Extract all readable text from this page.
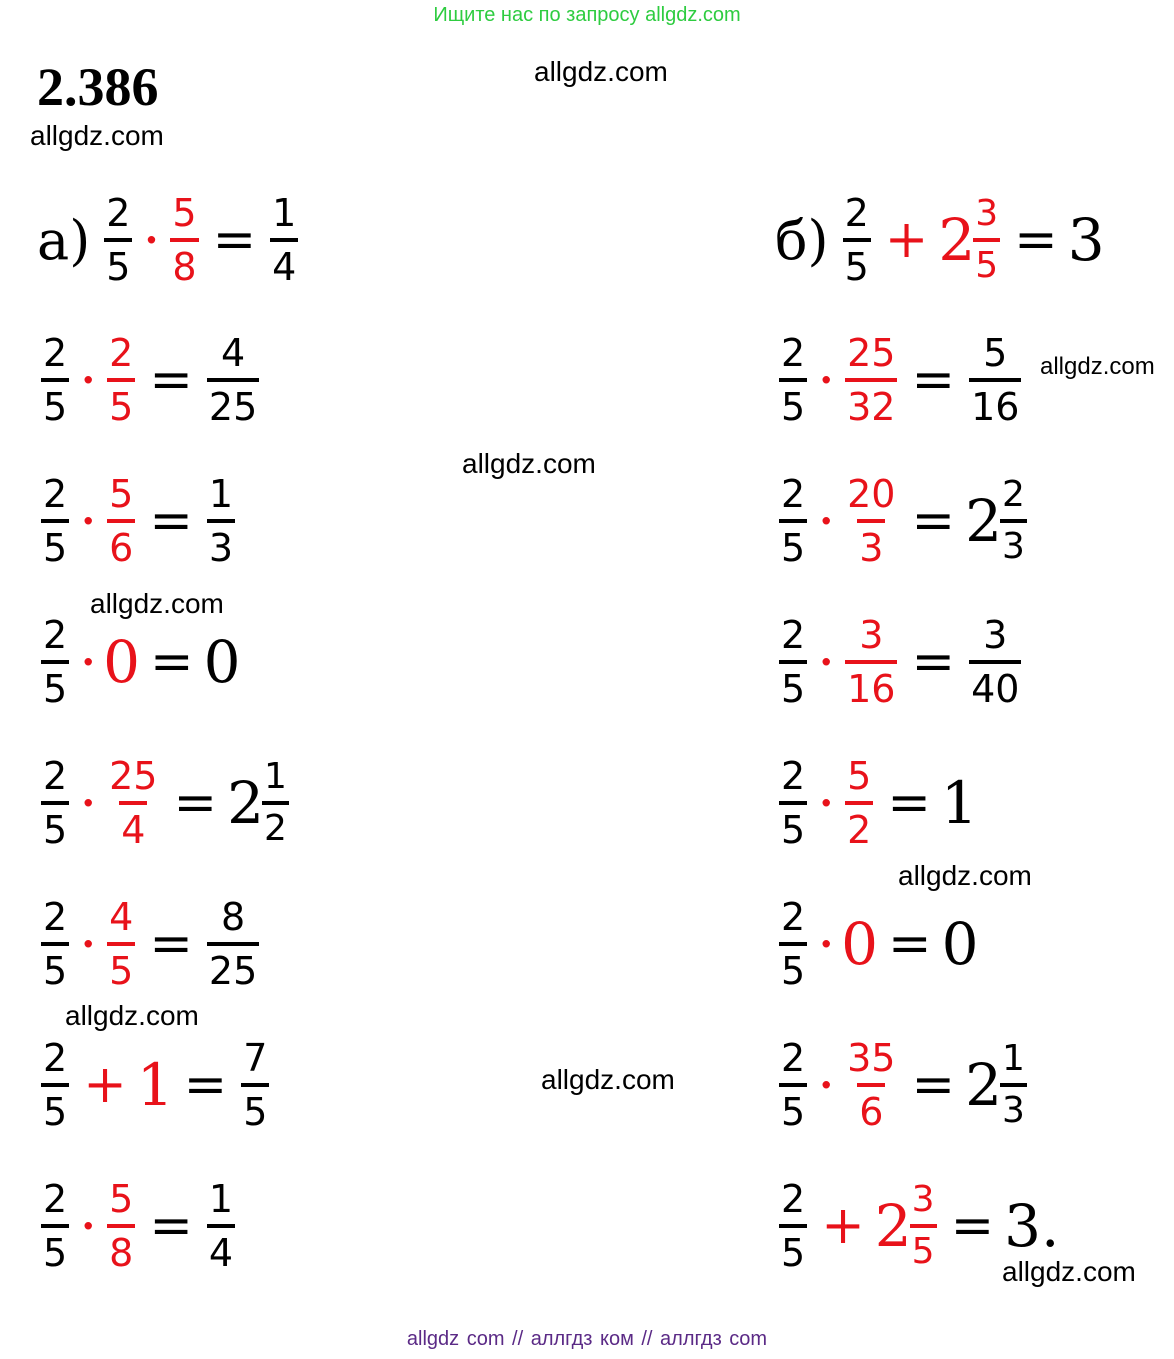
Ищите нас по запросу allgdz.com
2.386	allgdz.com
allgdz.com
allgdz.com
allgdz.com
allgdz.com
allgdz.com
allgdz.com
allgdz.com
allgdz.com
$а) \frac{2}{5} \cdot \frac{5}{8} = \frac{1}{4}$	$б) \frac{2}{5} + 2$
$\frac{3}{5} = 3$
$\frac{2}{5} \cdot \frac{2}{5} = \frac{4}{25}$
$\frac{2}{5} \cdot \frac{5}{6} = \frac{1}{3}$
$\frac{2}{5} \cdot 0 = 0$
$\frac{2}{5} \cdot \frac{25}{4} = 2$
$\frac{1}{2}$
$\frac{2}{5} \cdot \frac{4}{5} = \frac{8}{25}$
$\frac{2}{5} + 1 = \frac{7}{5}$
$\frac{2}{5} \cdot \frac{5}{8} = \frac{1}{4}$
$\frac{2}{5} \cdot \frac{25}{32} = \frac{5}{16}$
$\frac{2}{5} \cdot \frac{20}{3} = 2$
$\frac{2}{3}$
$\frac{2}{5} \cdot \frac{3}{16} = \frac{3}{40}$
$\frac{2}{5} \cdot \frac{5}{2} = 1$
$\frac{2}{5} \cdot 0 = 0$
$\frac{2}{5} \cdot \frac{35}{6} = 2$
$\frac{1}{3}$
$\frac{2}{5} + 2$
$\frac{3}{5} = 3$.
allgdz com // аллгдз ком // аллгдз com
